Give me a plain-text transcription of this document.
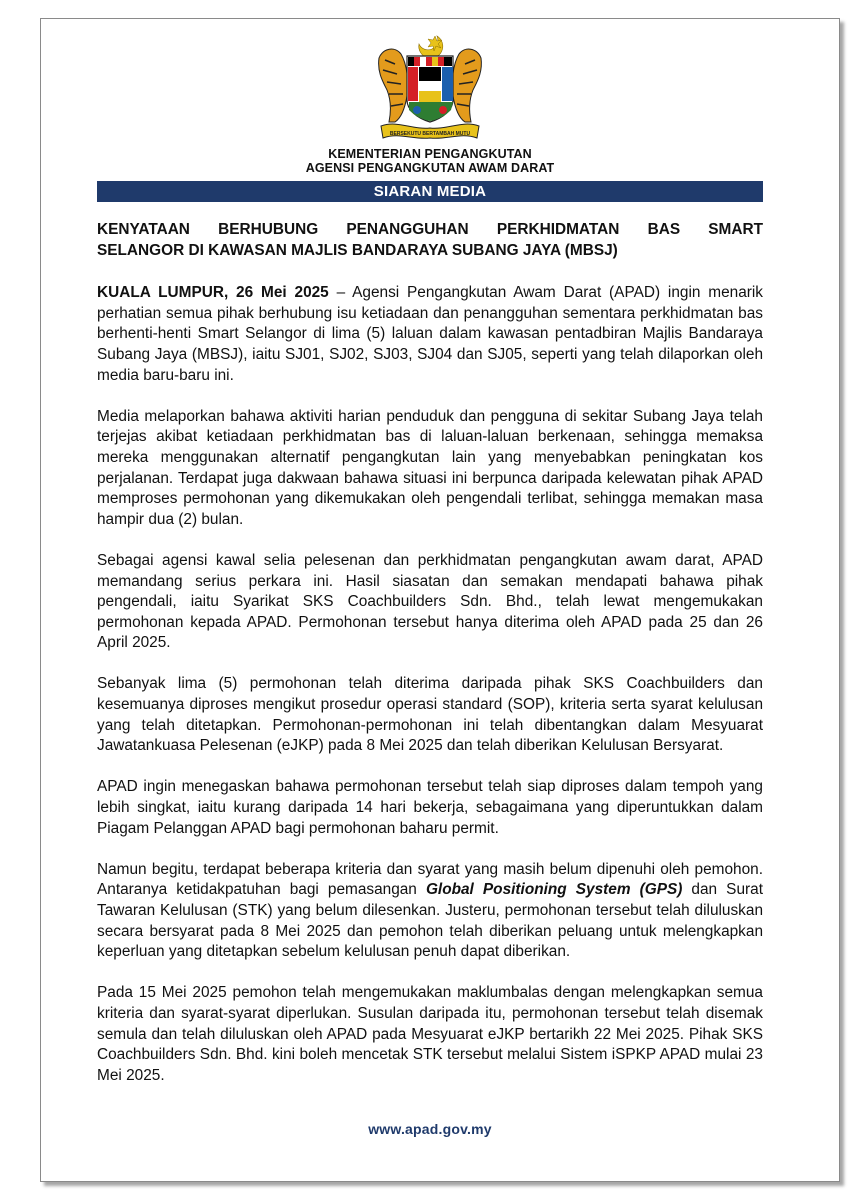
BERSEKUTU BERTAMBAH MUTU
KEMENTERIAN PENGANGKUTAN
AGENSI PENGANGKUTAN AWAM DARAT
SIARAN MEDIA

KENYATAAN BERHUBUNG PENANGGUHAN PERKHIDMATAN BAS SMART
SELANGOR DI KAWASAN MAJLIS BANDARAYA SUBANG JAYA (MBSJ)

KUALA LUMPUR, 26 Mei 2025 – Agensi Pengangkutan Awam Darat (APAD) ingin menarik perhatian semua pihak berhubung isu ketiadaan dan penangguhan sementara perkhidmatan bas berhenti-henti Smart Selangor di lima (5) laluan dalam kawasan pentadbiran Majlis Bandaraya Subang Jaya (MBSJ), iaitu SJ01, SJ02, SJ03, SJ04 dan SJ05, seperti yang telah dilaporkan oleh media baru-baru ini.

Media melaporkan bahawa aktiviti harian penduduk dan pengguna di sekitar Subang Jaya telah terjejas akibat ketiadaan perkhidmatan bas di laluan-laluan berkenaan, sehingga memaksa mereka menggunakan alternatif pengangkutan lain yang menyebabkan peningkatan kos perjalanan. Terdapat juga dakwaan bahawa situasi ini berpunca daripada kelewatan pihak APAD memproses permohonan yang dikemukakan oleh pengendali terlibat, sehingga memakan masa hampir dua (2) bulan.

Sebagai agensi kawal selia pelesenan dan perkhidmatan pengangkutan awam darat, APAD memandang serius perkara ini. Hasil siasatan dan semakan mendapati bahawa pihak pengendali, iaitu Syarikat SKS Coachbuilders Sdn. Bhd., telah lewat mengemukakan permohonan kepada APAD. Permohonan tersebut hanya diterima oleh APAD pada 25 dan 26 April 2025.

Sebanyak lima (5) permohonan telah diterima daripada pihak SKS Coachbuilders dan kesemuanya diproses mengikut prosedur operasi standard (SOP), kriteria serta syarat kelulusan yang telah ditetapkan. Permohonan-permohonan ini telah dibentangkan dalam Mesyuarat Jawatankuasa Pelesenan (eJKP) pada 8 Mei 2025 dan telah diberikan Kelulusan Bersyarat.

APAD ingin menegaskan bahawa permohonan tersebut telah siap diproses dalam tempoh yang lebih singkat, iaitu kurang daripada 14 hari bekerja, sebagaimana yang diperuntukkan dalam Piagam Pelanggan APAD bagi permohonan baharu permit.

Namun begitu, terdapat beberapa kriteria dan syarat yang masih belum dipenuhi oleh pemohon. Antaranya ketidakpatuhan bagi pemasangan Global Positioning System (GPS) dan Surat Tawaran Kelulusan (STK) yang belum dilesenkan. Justeru, permohonan tersebut telah diluluskan secara bersyarat pada 8 Mei 2025 dan pemohon telah diberikan peluang untuk melengkapkan keperluan yang ditetapkan sebelum kelulusan penuh dapat diberikan.

Pada 15 Mei 2025 pemohon telah mengemukakan maklumbalas dengan melengkapkan semua kriteria dan syarat-syarat diperlukan. Susulan daripada itu, permohonan tersebut telah disemak semula dan telah diluluskan oleh APAD pada Mesyuarat eJKP bertarikh 22 Mei 2025. Pihak SKS Coachbuilders Sdn. Bhd. kini boleh mencetak STK tersebut melalui Sistem iSPKP APAD mulai 23 Mei 2025.

www.apad.gov.my
